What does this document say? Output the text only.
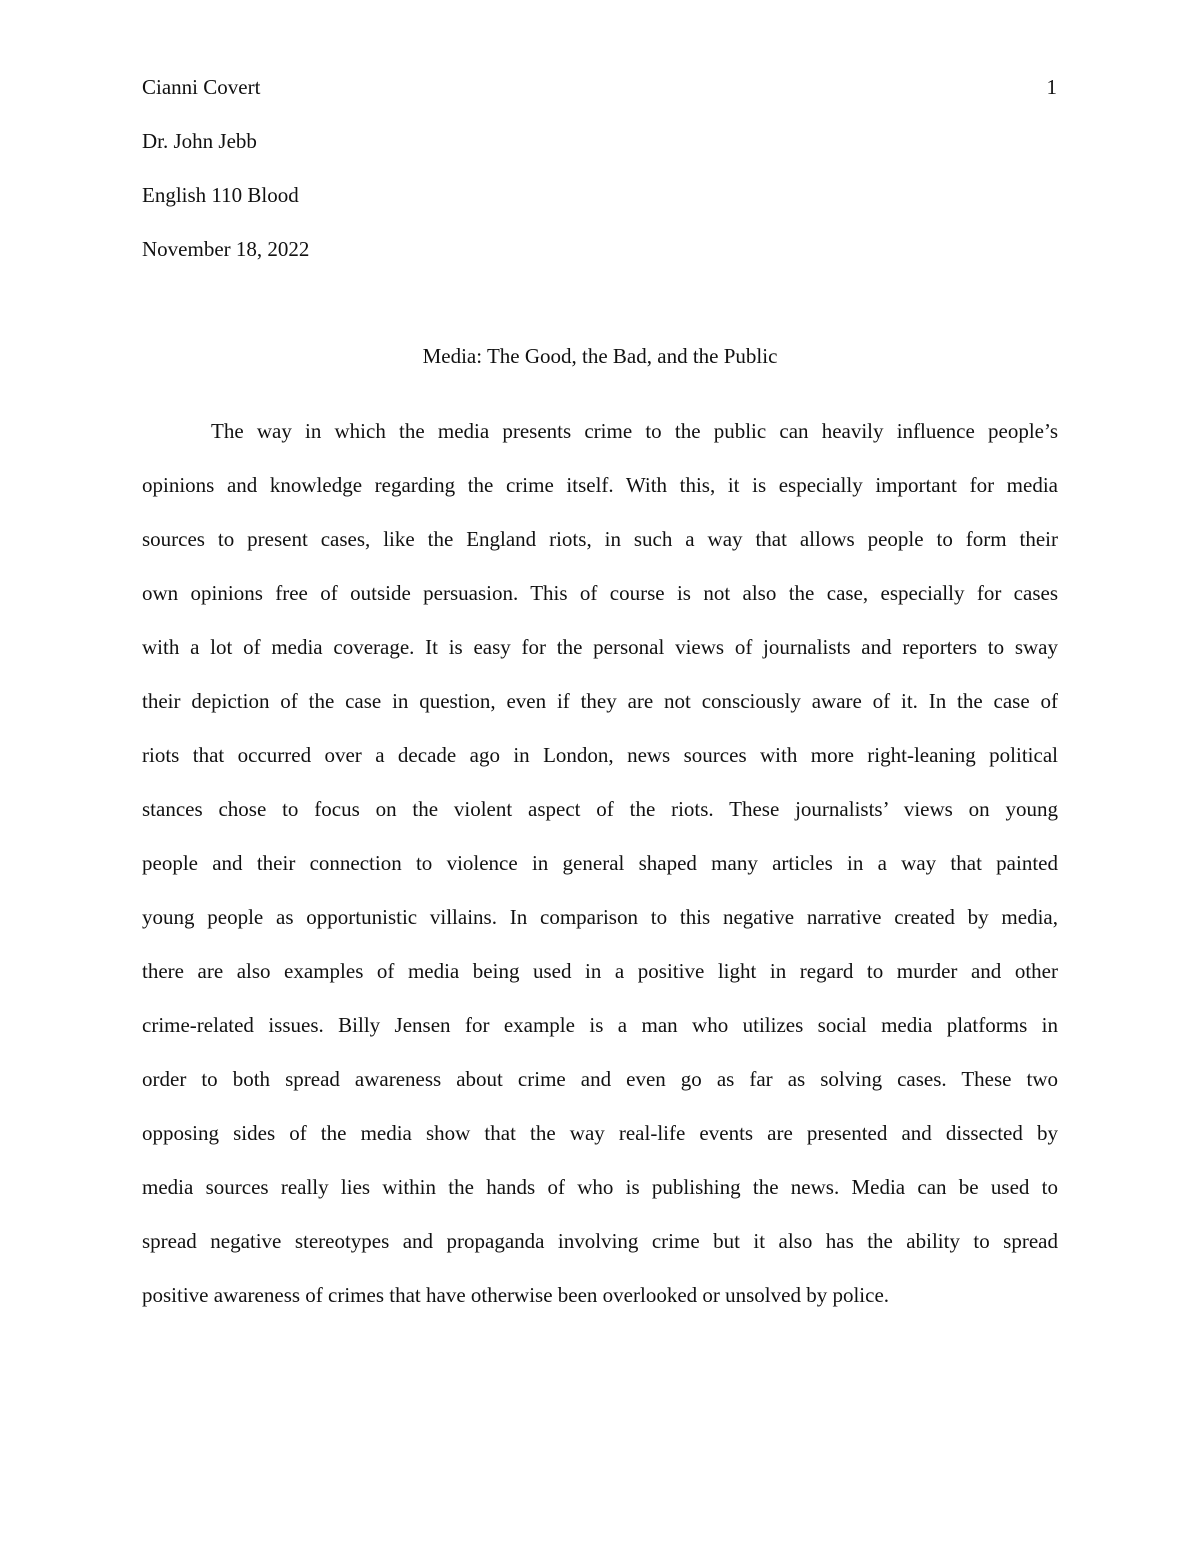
Cianni Covert	1
Dr. John Jebb
English 110 Blood
November 18, 2022
Media: The Good, the Bad, and the Public
The way in which the media presents crime to the public can heavily influence people’s
opinions and knowledge regarding the crime itself. With this, it is especially important for media
sources to present cases, like the England riots, in such a way that allows people to form their
own opinions free of outside persuasion. This of course is not also the case, especially for cases
with a lot of media coverage. It is easy for the personal views of journalists and reporters to sway
their depiction of the case in question, even if they are not consciously aware of it. In the case of
riots that occurred over a decade ago in London, news sources with more right-leaning political
stances chose to focus on the violent aspect of the riots. These journalists’ views on young
people and their connection to violence in general shaped many articles in a way that painted
young people as opportunistic villains. In comparison to this negative narrative created by media,
there are also examples of media being used in a positive light in regard to murder and other
crime-related issues. Billy Jensen for example is a man who utilizes social media platforms in
order to both spread awareness about crime and even go as far as solving cases. These two
opposing sides of the media show that the way real-life events are presented and dissected by
media sources really lies within the hands of who is publishing the news. Media can be used to
spread negative stereotypes and propaganda involving crime but it also has the ability to spread
positive awareness of crimes that have otherwise been overlooked or unsolved by police.
